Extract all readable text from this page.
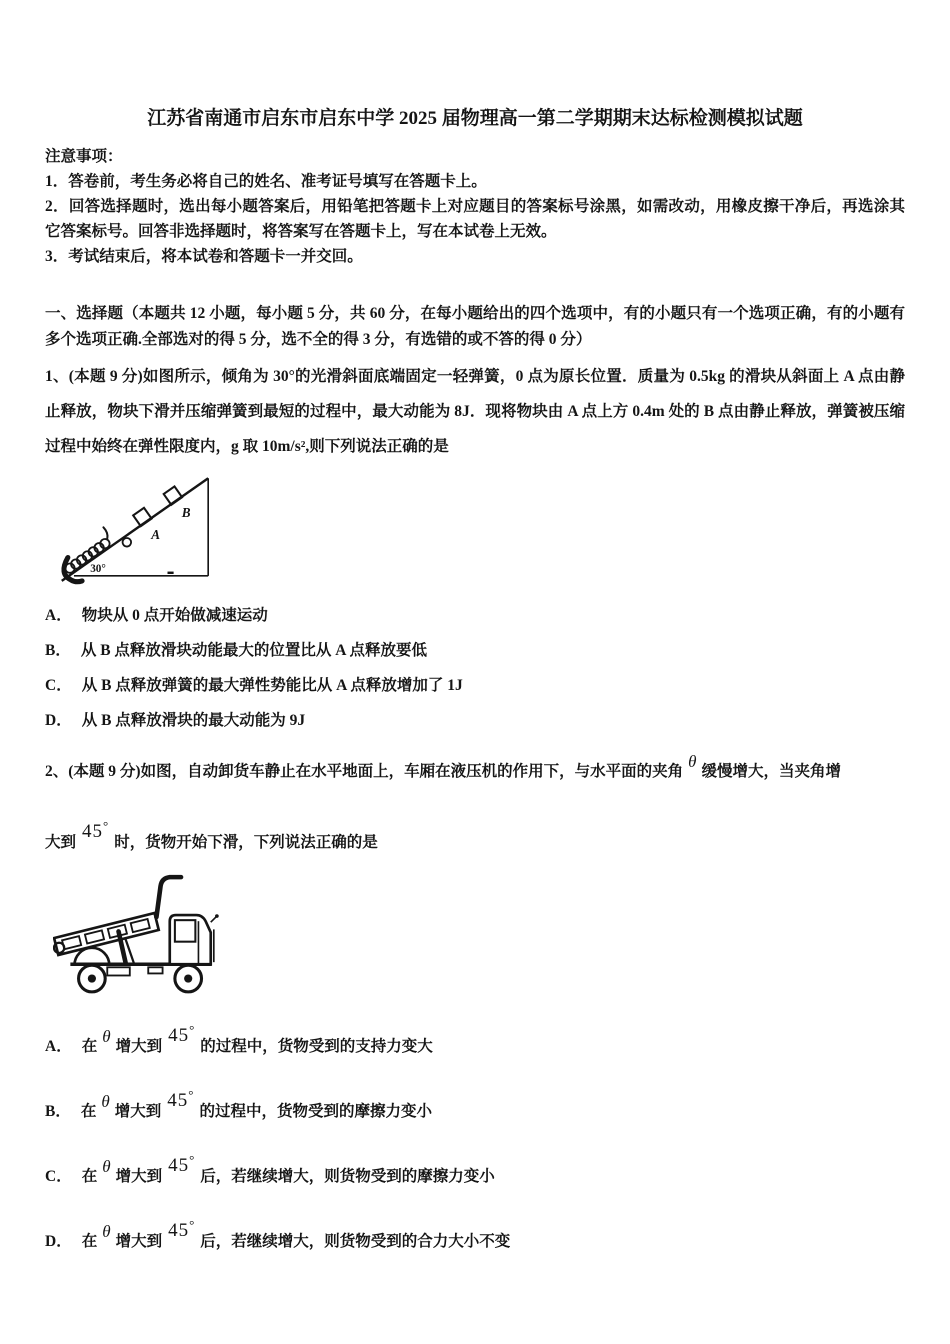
江苏省南通市启东市启东中学 2025 届物理高一第二学期期末达标检测模拟试题

注意事项：

1．答卷前，考生务必将自己的姓名、准考证号填写在答题卡上。

2．回答选择题时，选出每小题答案后，用铅笔把答题卡上对应题目的答案标号涂黑，如需改动，用橡皮擦干净后，再选涂其它答案标号。回答非选择题时，将答案写在答题卡上，写在本试卷上无效。

3．考试结束后，将本试卷和答题卡一并交回。

一、选择题（本题共 12 小题，每小题 5 分，共 60 分，在每小题给出的四个选项中，有的小题只有一个选项正确，有的小题有多个选项正确.全部选对的得 5 分，选不全的得 3 分，有选错的或不答的得 0 分）
1、(本题 9 分)如图所示，倾角为 30°的光滑斜面底端固定一轻弹簧，0 点为原长位置．质量为 0.5kg 的滑块从斜面上 A 点由静止释放，物块下滑并压缩弹簧到最短的过程中，最大动能为 8J．现将物块由 A 点上方 0.4m 处的 B 点由静止释放，弹簧被压缩过程中始终在弹性限度内，g 取 10m/s²,则下列说法正确的是
A
B
30°
A． 物块从 0 点开始做减速运动
B． 从 B 点释放滑块动能最大的位置比从 A 点释放要低
C． 从 B 点释放弹簧的最大弹性势能比从 A 点释放增加了 1J
D． 从 B 点释放滑块的最大动能为 9J
2、(本题 9 分)如图，自动卸货车静止在水平地面上，车厢在液压机的作用下，与水平面的夹角θ缓慢增大，当夹角增
大到45°时，货物开始下滑，下列说法正确的是
A． 在θ增大到45°的过程中，货物受到的支持力变大
B． 在θ增大到45°的过程中，货物受到的摩擦力变小
C． 在θ增大到45°后，若继续增大，则货物受到的摩擦力变小
D． 在θ增大到45°后，若继续增大，则货物受到的合力大小不变
